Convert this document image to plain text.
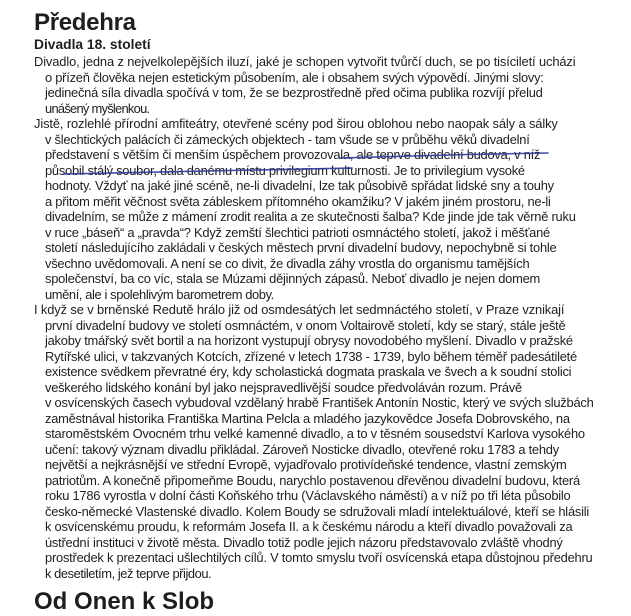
Předehra
Divadla 18. století

Divadlo, jedna z nejvelkolepějších iluzí, jaké je schopen vytvořit tvůrčí duch, se po tisíciletí ucházi
o přízeň člověka nejen estetickým působením, ale i obsahem svých výpovědí. Jinými slovy:
jedinečná síla divadla spočívá v tom, že se bezprostředně před očima publika rozvíjí přelud
unášený myšlenkou.

Jistě, rozlehlé přírodní amfiteátry, otevřené scény pod širou oblohou nebo naopak sály a sálky
v šlechtických palácích či zámeckých objektech - tam všude se v průběhu věků divadelní
představení s větším či menším úspěchem provozovala, ale teprve divadelní budova, v níž
působil stálý soubor, dala danému místu privilegium kulturnosti. Je to privilegium vysoké
hodnoty. Vždyť na jaké jiné scéně, ne-li divadelní, lze tak působivě spřádat lidské sny a touhy
a přitom měřit věčnost světa zábleskem přítomného okamžiku? V jakém jiném prostoru, ne-li
divadelním, se může z mámení zrodit realita a ze skutečnosti šalba? Kde jinde jde tak věrně ruku
v ruce „báseň“ a „pravda“? Když zemští šlechtici patrioti osmnáctého století, jakož i měšťané
století následujícího zakládali v českých městech první divadelní budovy, nepochybně si tohle
všechno uvědomovali. A není se co divit, že divadla záhy vrostla do organismu tamějších
společenství, ba co víc, stala se Múzami dějinných zápasů. Neboť divadlo je nejen domem
umění, ale i spolehlivým barometrem doby.

I když se v brněnské Redutě hrálo již od osmdesátých let sedmnáctého století, v Praze vznikají
první divadelní budovy ve století osmnáctém, v onom Voltairově století, kdy se starý, stále ještě
jakoby tmářský svět bortil a na horizont vystupují obrysy novodobého myšlení. Divadlo v pražské
Rytířské ulici, v takzvaných Kotcích, zřízené v letech 1738 - 1739, bylo během téměř padesátileté
existence svědkem převratné éry, kdy scholastická dogmata praskala ve švech a k soudní stolici
veškerého lidského konání byl jako nejspravedlivější soudce předvoláván rozum. Právě
v osvícenských časech vybudoval vzdělaný hrabě František Antonín Nostic, který ve svých službách
zaměstnával historika Františka Martina Pelcla a mladého jazykovědce Josefa Dobrovského, na
staroměstském Ovocném trhu velké kamenné divadlo, a to v těsném sousedství Karlova vysokého
učení: takový význam divadlu přikládal. Zároveň Nosticke divadlo, otevřené roku 1783 a tehdy
největší a nejkrásnější ve střední Evropě, vyjadřovalo protivídeňské tendence, vlastní zemským
patriotům. A konečně připomeňme Boudu, narychlo postavenou dřevěnou divadelní budovu, která
roku 1786 vyrostla v dolní části Koňského trhu (Václavského náměstí) a v níž po tři léta působilo
česko-německé Vlastenské divadlo. Kolem Boudy se sdružovali mladí intelektuálové, kteří se hlásili
k osvícenskému proudu, k reformám Josefa II. a k českému národu a kteří divadlo považovali za
ústřední instituci v životě města. Divadlo totiž podle jejich názoru představovalo zvláště vhodný
prostředek k prezentaci ušlechtilých cílů. V tomto smyslu tvoří osvícenská etapa důstojnou předehru
k desetiletím, jež teprve přijdou.

Od Onen k Slob
